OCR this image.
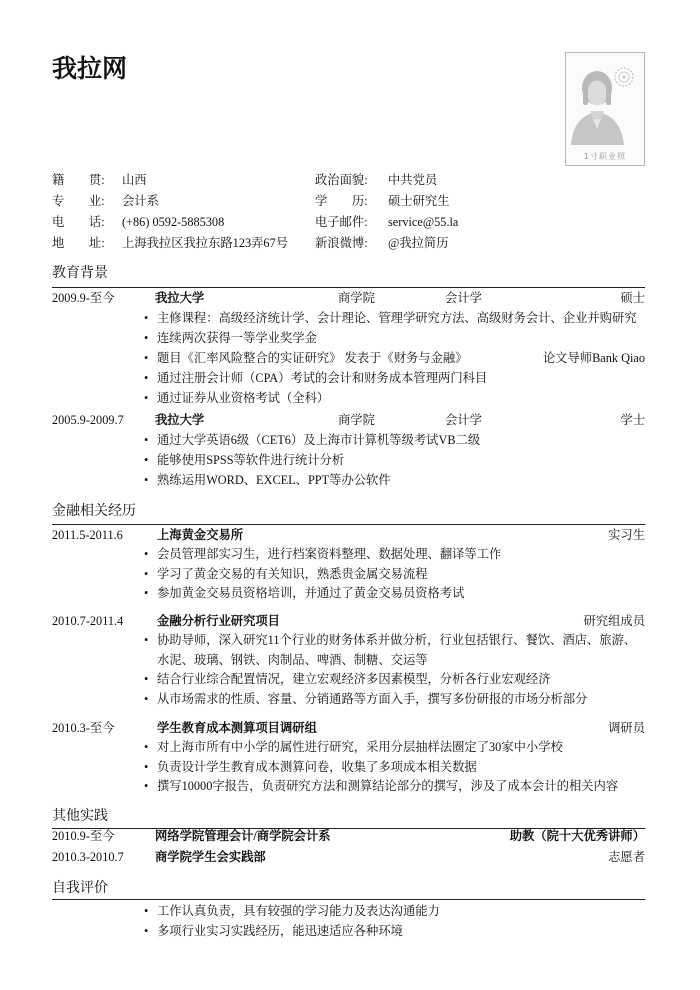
我拉网
1寸职业照
籍　　贯: 山西	政治面貌: 中共党员
专　　业: 会计系	学　　历: 硕士研究生
电　　话: (+86) 0592-5885308	电子邮件: service@55.la
地　　址: 上海我拉区我拉东路123弄67号 新浪微博: @我拉简历
教育背景
2009.9-至今	我拉大学	商学院	会计学	硕士
• 主修课程：高级经济统计学、会计理论、管理学研究方法、高级财务会计、企业并购研究
• 连续两次获得一等学业奖学金
• 题目《汇率风险整合的实证研究》 发表于《财务与金融》	论文导师Bank Qiao
• 通过注册会计师（CPA）考试的会计和财务成本管理两门科目
• 通过证券从业资格考试（全科）
2005.9-2009.7	我拉大学	商学院	会计学	学士
• 通过大学英语6级（CET6）及上海市计算机等级考试VB二级
• 能够使用SPSS等软件进行统计分析
• 熟练运用WORD、EXCEL、PPT等办公软件
金融相关经历
2011.5-2011.6	上海黄金交易所	实习生
• 会员管理部实习生，进行档案资料整理、数据处理、翻译等工作
• 学习了黄金交易的有关知识，熟悉贵金属交易流程
• 参加黄金交易员资格培训，并通过了黄金交易员资格考试
2010.7-2011.4	金融分析行业研究项目	研究组成员
• 协助导师，深入研究11个行业的财务体系并做分析，行业包括银行、餐饮、酒店、旅游、水泥、玻璃、钢铁、肉制品、啤酒、制糖、交运等
• 结合行业综合配置情况，建立宏观经济多因素模型，分析各行业宏观经济
• 从市场需求的性质、容量、分销通路等方面入手，撰写多份研报的市场分析部分
2010.3-至今	学生教育成本测算项目调研组	调研员
• 对上海市所有中小学的属性进行研究，采用分层抽样法圈定了30家中小学校
• 负责设计学生教育成本测算问卷，收集了多项成本相关数据
• 撰写10000字报告，负责研究方法和测算结论部分的撰写，涉及了成本会计的相关内容
其他实践
2010.9-至今	网络学院管理会计/商学院会计系	助教（院十大优秀讲师）
2010.3-2010.7	商学院学生会实践部	志愿者
自我评价
• 工作认真负责，具有较强的学习能力及表达沟通能力
• 多项行业实习实践经历，能迅速适应各种环境
